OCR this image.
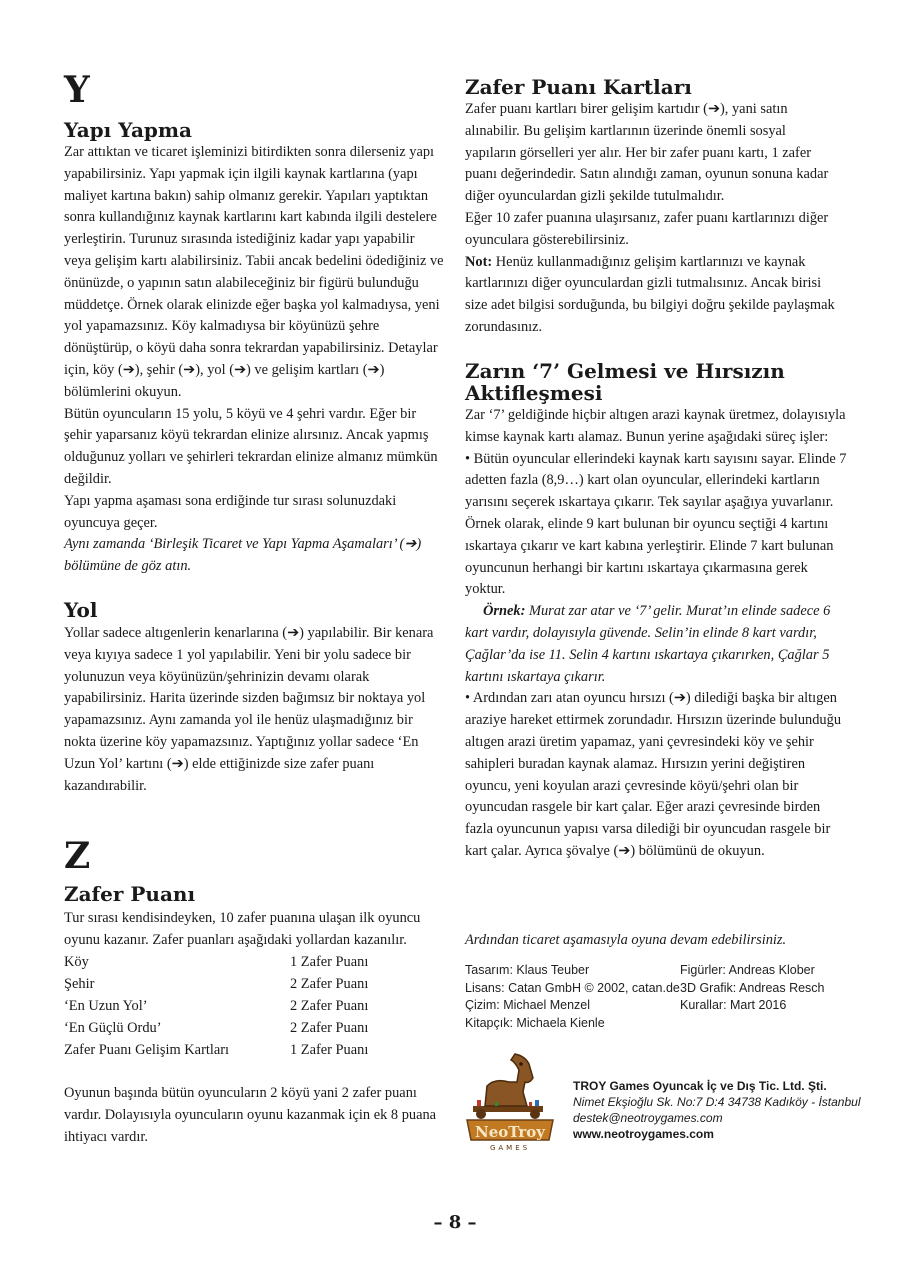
Y
Yapı Yapma

Zar attıktan ve ticaret işleminizi bitirdikten sonra dilerseniz yapı yapabilirsiniz. Yapı yapmak için ilgili kaynak kartlarına (yapı maliyet kartına bakın) sahip olmanız gerekir. Yapıları yaptıktan sonra kullandığınız kaynak kartlarını kart kabında ilgili destelere yerleştirin. Turunuz sırasında istediğiniz kadar yapı yapabilir veya gelişim kartı alabilirsiniz. Tabii ancak bedelini ödediğiniz ve önünüzde, o yapının satın alabileceğiniz bir figürü bulunduğu müddetçe. Örnek olarak elinizde eğer başka yol kalmadıysa, yeni yol yapamazsınız. Köy kalmadıysa bir köyünüzü şehre dönüştürüp, o köyü daha sonra tekrardan yapabilirsiniz. Detaylar için, köy (➔), şehir (➔), yol (➔) ve gelişim kartları (➔) bölümlerini okuyun.

Bütün oyuncuların 15 yolu, 5 köyü ve 4 şehri vardır. Eğer bir şehir yaparsanız köyü tekrardan elinize alırsınız. Ancak yapmış olduğunuz yolları ve şehirleri tekrardan elinize almanız mümkün değildir.

Yapı yapma aşaması sona erdiğinde tur sırası solunuzdaki oyuncuya geçer.

Aynı zamanda ‘Birleşik Ticaret ve Yapı Yapma Aşamaları’ (➔) bölümüne de göz atın.

Yol

Yollar sadece altıgenlerin kenarlarına (➔) yapılabilir. Bir kenara veya kıyıya sadece 1 yol yapılabilir. Yeni bir yolu sadece bir yolunuzun veya köyünüzün/şehrinizin devamı olarak yapabilirsiniz. Harita üzerinde sizden bağımsız bir noktaya yol yapamazsınız. Aynı zamanda yol ile henüz ulaşmadığınız bir nokta üzerine köy yapamazsınız. Yaptığınız yollar sadece ‘En Uzun Yol’ kartını (➔) elde ettiğinizde size zafer puanı kazandırabilir.

Z
Zafer Puanı

Tur sırası kendisindeyken, 10 zafer puanına ulaşan ilk oyuncu oyunu kazanır. Zafer puanları aşağıdaki yollardan kazanılır.

Köy	1 Zafer Puanı
Şehir	2 Zafer Puanı
‘En Uzun Yol’	2 Zafer Puanı
‘En Güçlü Ordu’	2 Zafer Puanı
Zafer Puanı Gelişim Kartları	1 Zafer Puanı

Oyunun başında bütün oyuncuların 2 köyü yani 2 zafer puanı vardır. Dolayısıyla oyuncuların oyunu kazanmak için ek 8 puana ihtiyacı vardır.

Zafer Puanı Kartları

Zafer puanı kartları birer gelişim kartıdır (➔), yani satın alınabilir. Bu gelişim kartlarının üzerinde önemli sosyal yapıların görselleri yer alır. Her bir zafer puanı kartı, 1 zafer puanı değerindedir. Satın alındığı zaman, oyunun sonuna kadar diğer oyunculardan gizli şekilde tutulmalıdır.

Eğer 10 zafer puanına ulaşırsanız, zafer puanı kartlarınızı diğer oyunculara gösterebilirsiniz.

Not: Henüz kullanmadığınız gelişim kartlarınızı ve kaynak kartlarınızı diğer oyunculardan gizli tutmalısınız. Ancak birisi size adet bilgisi sorduğunda, bu bilgiyi doğru şekilde paylaşmak zorundasınız.

Zarın ‘7’ Gelmesi ve Hırsızın
Aktifleşmesi

Zar ‘7’ geldiğinde hiçbir altıgen arazi kaynak üretmez, dolayısıyla kimse kaynak kartı alamaz. Bunun yerine aşağıdaki süreç işler:

• Bütün oyuncular ellerindeki kaynak kartı sayısını sayar. Elinde 7 adetten fazla (8,9…) kart olan oyuncular, ellerindeki kartların yarısını seçerek ıskartaya çıkarır. Tek sayılar aşağıya yuvarlanır. Örnek olarak, elinde 9 kart bulunan bir oyuncu seçtiği 4 kartını ıskartaya çıkarır ve kart kabına yerleştirir. Elinde 7 kart bulunan oyuncunun herhangi bir kartını ıskartaya çıkarmasına gerek yoktur.

Örnek: Murat zar atar ve ‘7’ gelir. Murat’ın elinde sadece 6 kart vardır, dolayısıyla güvende. Selin’in elinde 8 kart vardır, Çağlar’da ise 11. Selin 4 kartını ıskartaya çıkarırken, Çağlar 5 kartını ıskartaya çıkarır.

• Ardından zarı atan oyuncu hırsızı (➔) dilediği başka bir altıgen araziye hareket ettirmek zorundadır. Hırsızın üzerinde bulunduğu altıgen arazi üretim yapamaz, yani çevresindeki köy ve şehir sahipleri buradan kaynak alamaz. Hırsızın yerini değiştiren oyuncu, yeni koyulan arazi çevresinde köyü/şehri olan bir oyuncudan rasgele bir kart çalar. Eğer arazi çevresinde birden fazla oyuncunun yapısı varsa dilediği bir oyuncudan rasgele bir kart çalar. Ayrıca şövalye (➔) bölümünü de okuyun.

Ardından ticaret aşamasıyla oyuna devam edebilirsiniz.
Tasarım: Klaus Teuber
Lisans: Catan GmbH © 2002, catan.de
Çizim: Michael Menzel
Kitapçık: Michaela Kienle
Figürler: Andreas Klober
3D Grafik: Andreas Resch
Kurallar: Mart 2016
NeoTroy
GAMES
TROY Games Oyuncak İç ve Dış Tic. Ltd. Şti.
Nimet Ekşioğlu Sk. No:7 D:4 34738 Kadıköy - İstanbul
destek@neotroygames.com
www.neotroygames.com
– 8 –
